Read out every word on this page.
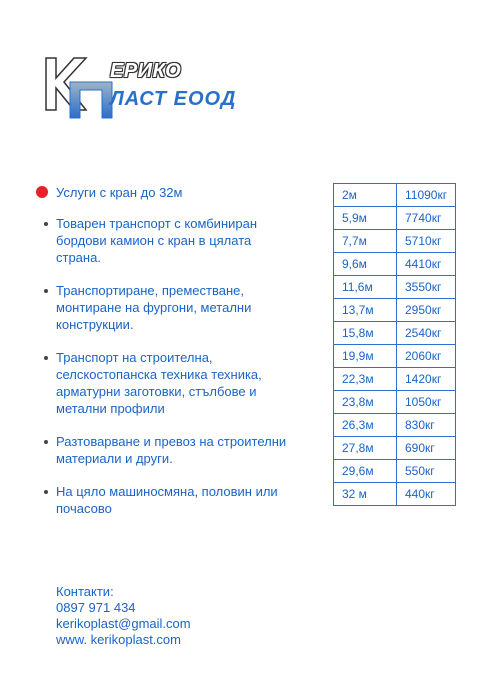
ЕРИКО
ЛАСТ ЕООД
Услуги с кран до 32м
Товарен транспорт с комбиниран бордови камион с кран в цялата страна.
Транспортиране, преместване, монтиране на фургони, метални конструкции.
Транспорт на строителна, селскостопанска техника техника, арматурни заготовки, стълбове и метални профили
Разтоварване и превоз на строителни материали и други.
На цяло машиносмяна, половин или почасово
2м	11090кг
5,9м	7740кг
7,7м	5710кг
9,6м	4410кг
11,6м	3550кг
13,7м	2950кг
15,8м	2540кг
19,9м	2060кг
22,3м	1420кг
23,8м	1050кг
26,3м	830кг
27,8м	690кг
29,6м	550кг
32 м	440кг
Контакти:
0897 971 434
kerikoplast@gmail.com
www. kerikoplast.com
